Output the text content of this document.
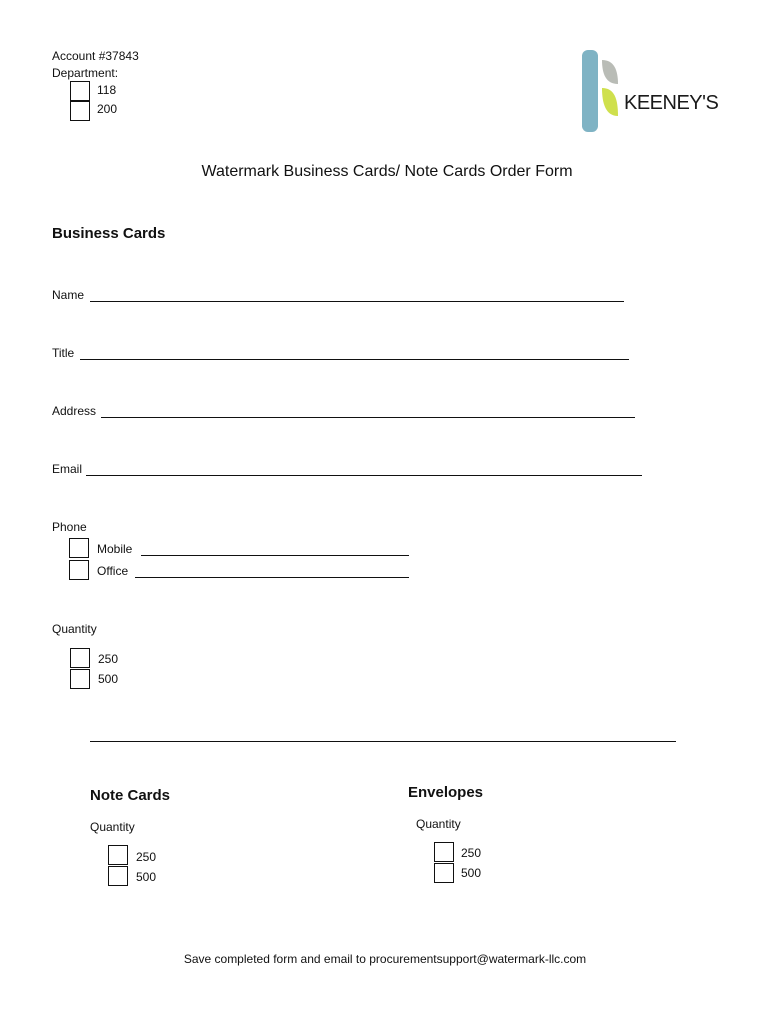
Account #37843
Department:
118
200	KEENEY'S
Watermark Business Cards/ Note Cards Order Form
Business Cards
Name
Title
Address
Email
Phone
Mobile
Office
Quantity
250
500
Note Cards
Quantity
250
500
Envelopes
Quantity
250
500
Save completed form and email to procurementsupport@watermark-llc.com
